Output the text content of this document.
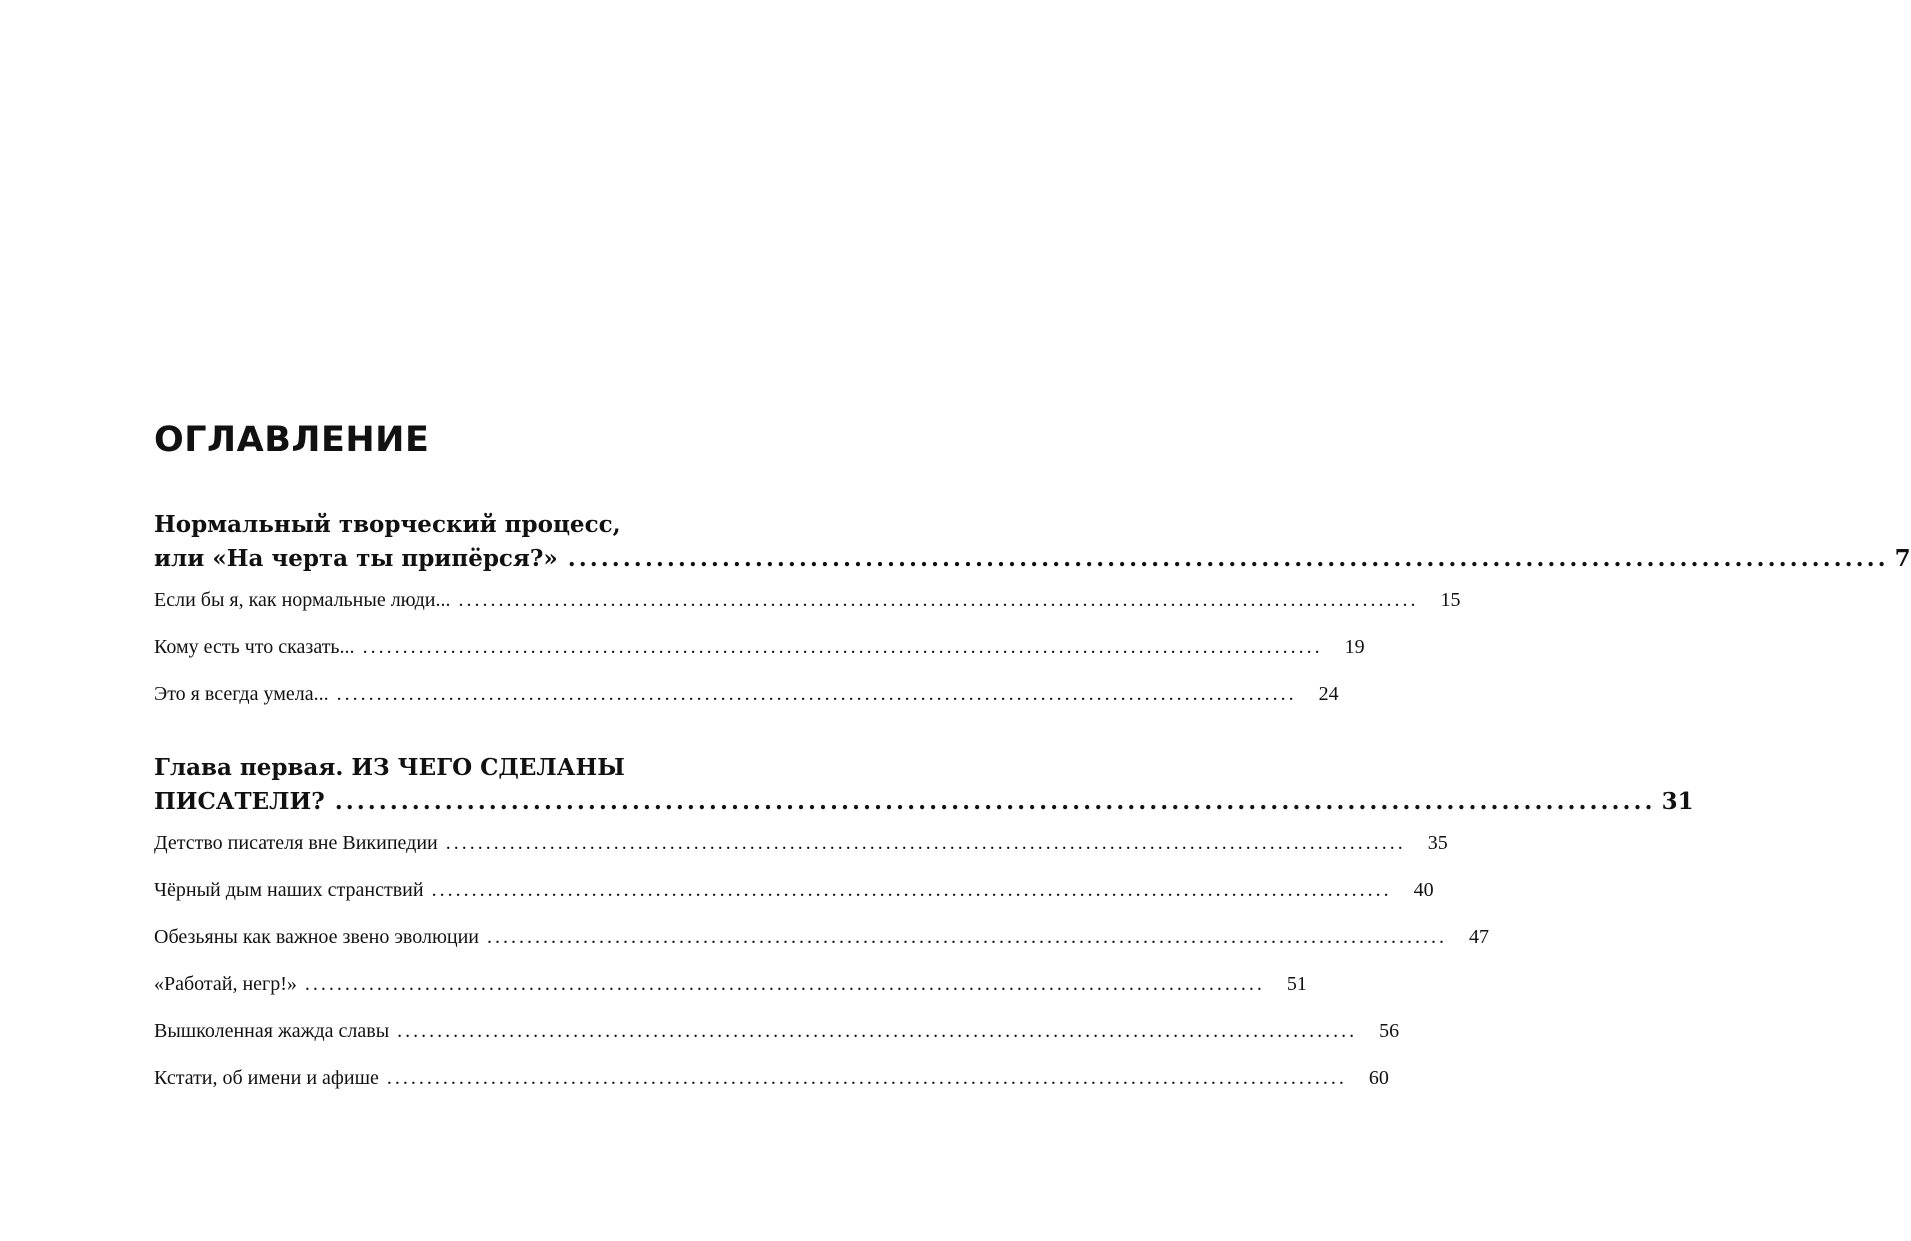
ОГЛАВЛЕНИЕ
Нормальный творческий процесс,
или «На черта ты припёрся?» ........................................................................................................................ 7
Если бы я, как нормальные люди... ........................................................................................................................	15
Кому есть что сказать... ........................................................................................................................	19
Это я всегда умела... ........................................................................................................................	24
Глава первая. ИЗ ЧЕГО СДЕЛАНЫ
ПИСАТЕЛИ? ........................................................................................................................ 31
Детство писателя вне Википедии ........................................................................................................................	35
Чёрный дым наших странствий ........................................................................................................................	40
Обезьяны как важное звено эволюции ........................................................................................................................	47
«Работай, негр!» ........................................................................................................................	51
Вышколенная жажда славы ........................................................................................................................	56
Кстати, об имени и афише ........................................................................................................................	60
